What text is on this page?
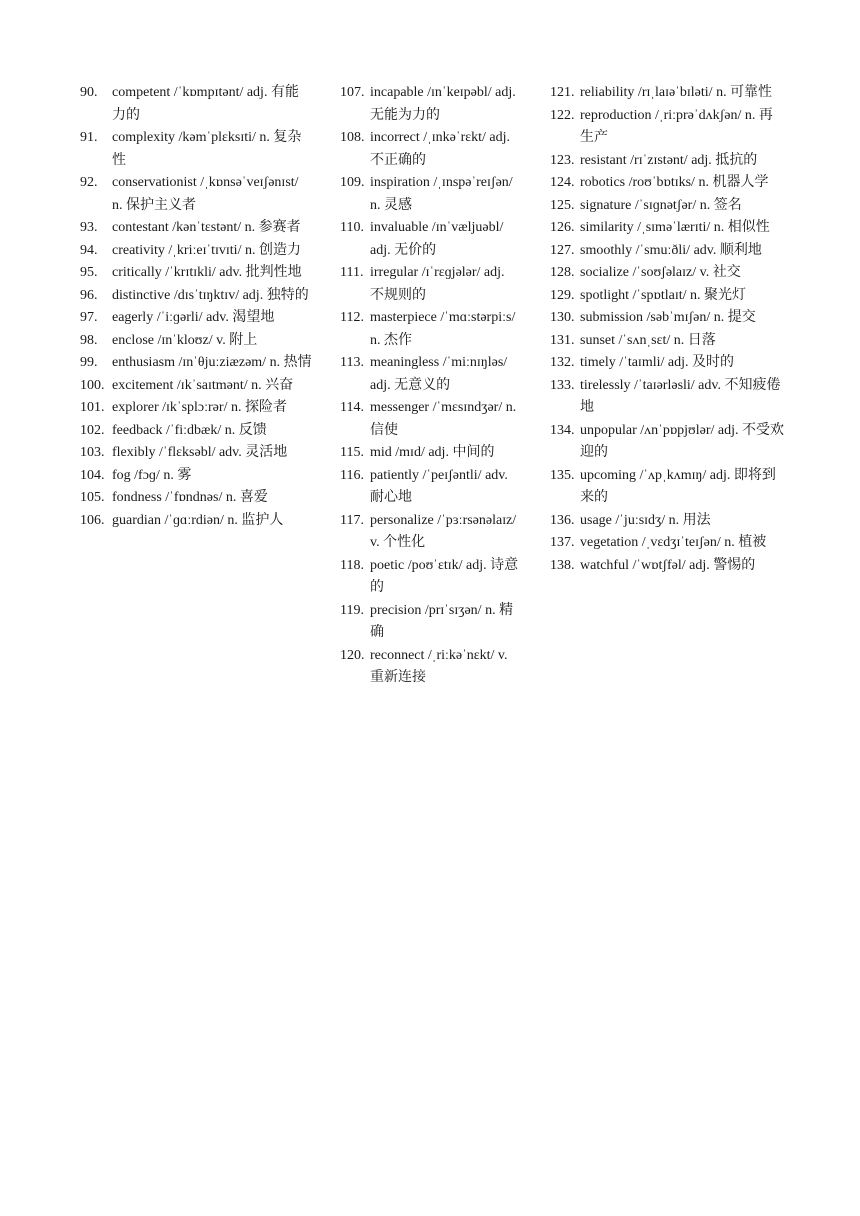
90.	competent /ˈkɒmpɪtənt/ adj. 有能力的
91.	complexity /kəmˈplɛksɪti/ n. 复杂性
92.	conservationist /ˌkɒnsəˈveɪʃənɪst/ n. 保护主义者
93.	contestant /kənˈtɛstənt/ n. 参赛者
94.	creativity /ˌkriːeɪˈtɪvɪti/ n. 创造力
95.	critically /ˈkrɪtɪkli/ adv. 批判性地
96.	distinctive /dɪsˈtɪŋktɪv/ adj. 独特的
97.	eagerly /ˈiːɡərli/ adv. 渴望地
98.	enclose /ɪnˈkloʊz/ v. 附上
99.	enthusiasm /ɪnˈθjuːziæzəm/ n. 热情
100. excitement /ɪkˈsaɪtmənt/ n. 兴奋
101. explorer /ɪkˈsplɔːrər/ n. 探险者
102. feedback /ˈfiːdbæk/ n. 反馈
103. flexibly /ˈflɛksəbl/ adv. 灵活地
104. fog /fɔɡ/ n. 雾
105. fondness /ˈfɒndnəs/ n. 喜爱
106. guardian /ˈɡɑːrdiən/ n. 监护人
107. incapable /ɪnˈkeɪpəbl/ adj. 无能为力的
108. incorrect /ˌɪnkəˈrɛkt/ adj. 不正确的
109. inspiration /ˌɪnspəˈreɪʃən/ n. 灵感
110. invaluable /ɪnˈvæljuəbl/ adj. 无价的
111. irregular /ɪˈrɛɡjələr/ adj. 不规则的
112. masterpiece /ˈmɑːstərpiːs/ n. 杰作
113. meaningless /ˈmiːnɪŋləs/ adj. 无意义的
114. messenger /ˈmɛsɪndʒər/ n. 信使
115. mid /mɪd/ adj. 中间的
116. patiently /ˈpeɪʃəntli/ adv. 耐心地
117. personalize /ˈpɜːrsənəlaɪz/ v. 个性化
118. poetic /poʊˈɛtɪk/ adj. 诗意的
119. precision /prɪˈsɪʒən/ n. 精确
120. reconnect /ˌriːkəˈnɛkt/ v. 重新连接
121. reliability /rɪˌlaɪəˈbɪləti/ n. 可靠性
122. reproduction /ˌriːprəˈdʌkʃən/ n. 再生产
123. resistant /rɪˈzɪstənt/ adj. 抵抗的
124. robotics /roʊˈbɒtɪks/ n. 机器人学
125. signature /ˈsɪɡnətʃər/ n. 签名
126. similarity /ˌsɪməˈlærɪti/ n. 相似性
127. smoothly /ˈsmuːðli/ adv. 顺利地
128. socialize /ˈsoʊʃəlaɪz/ v. 社交
129. spotlight /ˈspɒtlaɪt/ n. 聚光灯
130. submission /səbˈmɪʃən/ n. 提交
131. sunset /ˈsʌnˌsɛt/ n. 日落
132. timely /ˈtaɪmli/ adj. 及时的
133. tirelessly /ˈtaɪərləsli/ adv. 不知疲倦地
134. unpopular /ʌnˈpɒpjʊlər/ adj. 不受欢迎的
135. upcoming /ˈʌpˌkʌmɪŋ/ adj. 即将到来的
136. usage /ˈjuːsɪdʒ/ n. 用法
137. vegetation /ˌvɛdʒɪˈteɪʃən/ n. 植被
138. watchful /ˈwɒtʃfəl/ adj. 警惕的
